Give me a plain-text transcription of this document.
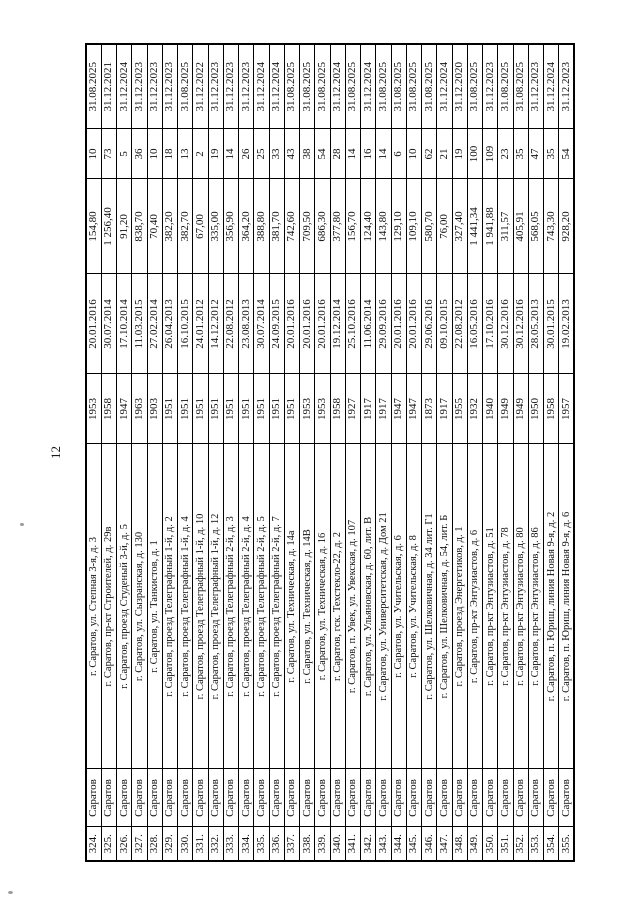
12
324.	Саратов	г. Саратов, ул. Степная 3-я, д. 3	1953	20.01.2016	154,80	10	31.08.2025
325.	Саратов	г. Саратов, пр-кт Строителей, д. 29в	1958	30.07.2014	1 256,40	73	31.12.2021
326.	Саратов	г. Саратов, проезд Студеный 3-й, д. 5	1947	17.10.2014	91,20	5	31.12.2024
327.	Саратов	г. Саратов, ул. Сызранская, д. 130	1963	11.03.2015	838,70	36	31.12.2023
328.	Саратов	г. Саратов, ул. Танкистов, д. 1	1903	27.02.2014	70,40	10	31.12.2023
329.	Саратов	г. Саратов, проезд Телеграфный 1-й, д. 2	1951	26.04.2013	382,20	18	31.12.2023
330.	Саратов	г. Саратов, проезд Телеграфный 1-й, д. 4	1951	16.10.2015	382,70	13	31.08.2025
331.	Саратов	г. Саратов, проезд Телеграфный 1-й, д. 10	1951	24.01.2012	67,00	2	31.12.2022
332.	Саратов	г. Саратов, проезд Телеграфный 1-й, д. 12	1951	14.12.2012	335,00	19	31.12.2023
333.	Саратов	г. Саратов, проезд Телеграфный 2-й, д. 3	1951	22.08.2012	356,90	14	31.12.2023
334.	Саратов	г. Саратов, проезд Телеграфный 2-й, д. 4	1951	23.08.2013	364,20	26	31.12.2023
335.	Саратов	г. Саратов, проезд Телеграфный 2-й, д. 5	1951	30.07.2014	388,80	25	31.12.2024
336.	Саратов	г. Саратов, проезд Телеграфный 2-й, д. 7	1951	24.09.2015	381,70	33	31.12.2024
337.	Саратов	г. Саратов, ул. Техническая, д. 14а	1951	20.01.2016	742,60	43	31.08.2025
338.	Саратов	г. Саратов, ул. Техническая, д. 14В	1953	20.01.2016	709,50	38	31.08.2025
339.	Саратов	г. Саратов, ул. Техническая, д. 16	1953	20.01.2016	686,30	54	31.08.2025
340.	Саратов	г. Саратов, гск. Техстекло-22, д. 2	1958	19.12.2014	377,80	28	31.12.2024
341.	Саратов	г. Саратов, п. Увек, ул. Увекская, д. 107	1927	25.10.2016	156,70	14	31.08.2025
342.	Саратов	г. Саратов, ул. Ульяновская, д. 60, лит. В	1917	11.06.2014	124,40	16	31.12.2024
343.	Саратов	г. Саратов, ул. Университетская, д. Дом 21	1917	29.09.2016	143,80	14	31.08.2025
344.	Саратов	г. Саратов, ул. Учительская, д. 6	1947	20.01.2016	129,10	6	31.08.2025
345.	Саратов	г. Саратов, ул. Учительская, д. 8	1947	20.01.2016	109,10	10	31.08.2025
346.	Саратов	г. Саратов, ул. Шелковичная, д. 34 лит. Г1	1873	29.06.2016	580,70	62	31.08.2025
347.	Саратов	г. Саратов, ул. Шелковичная, д. 54, лит. Б	1917	09.10.2015	76,00	21	31.12.2024
348.	Саратов	г. Саратов, проезд Энергетиков, д. 1	1955	22.08.2012	327,40	19	31.12.2020
349.	Саратов	г. Саратов, пр-кт Энтузиастов, д. 6	1932	16.05.2016	1 441,34	100	31.08.2025
350.	Саратов	г. Саратов, пр-кт Энтузиастов, д. 51	1940	17.10.2016	1 941,88	109	31.12.2023
351.	Саратов	г. Саратов, пр-кт Энтузиастов, д. 78	1949	30.12.2016	311,57	23	31.08.2025
352.	Саратов	г. Саратов, пр-кт Энтузиастов, д. 80	1949	30.12.2016	405,91	35	31.08.2025
353.	Саратов	г. Саратов, пр-кт Энтузиастов, д. 86	1950	28.05.2013	568,05	47	31.12.2023
354.	Саратов	г. Саратов, п. Юриш, линия Новая 9-я, д. 2	1958	30.01.2015	743,30	35	31.12.2024
355.	Саратов	г. Саратов, п. Юриш, линия Новая 9-я, д. 6	1957	19.02.2013	928,20	54	31.12.2023
